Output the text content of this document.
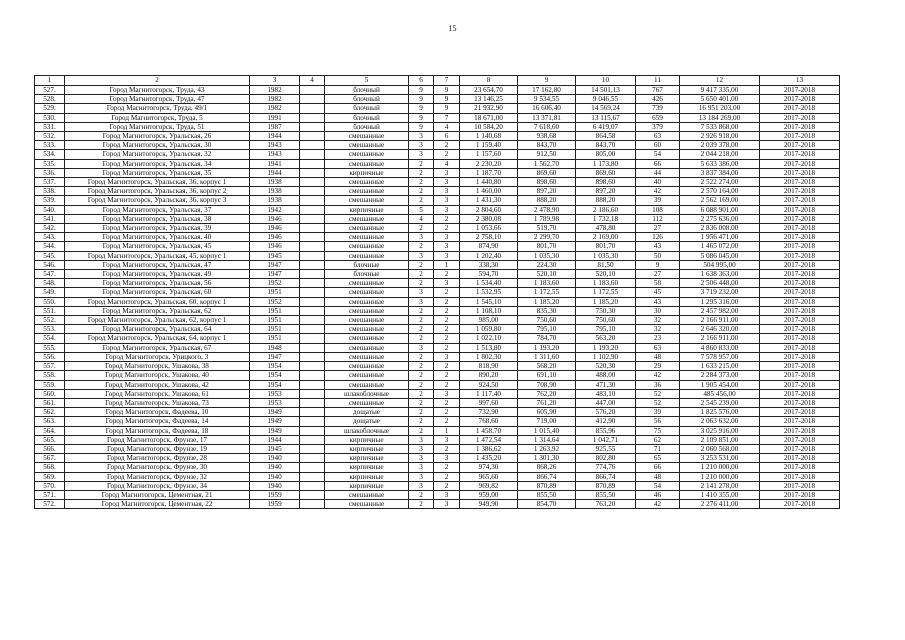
15
1	2	3	4	5	6	7	8	9	10	11	12	13
527.	Город Магнитогорск, Труда, 43	1982		блочный	9	9	23 654,70	17 162,80	14 501,13	767	9 417 335,00	2017-2018
528.	Город Магнитогорск, Труда, 47	1982		блочный	9	9	13 146,25	9 534,55	9 046,55	426	5 650 401,00	2017-2018
529.	Город Магнитогорск, Труда, 49/1	1982		блочный	9	9	21 932,90	16 606,40	14 569,24	739	16 951 203,00	2017-2018
530.	Город Магнитогорск, Труда, 5	1991		блочный	9	7	18 671,00	13 371,81	13 115,67	659	13 184 269,00	2017-2018
531.	Город Магнитогорск, Труда, 51	1987		блочный	9	4	10 584,20	7 618,60	6 419,07	379	7 533 868,00	2017-2018
532.	Город Магнитогорск, Уральская, 26	1944		смешанные	3	6	1 140,68	938,68	864,58	63	2 926 918,00	2017-2018
533.	Город Магнитогорск, Уральская, 30	1943		смешанные	3	2	1 159,40	843,70	843,70	60	2 039 378,00	2017-2018
534.	Город Магнитогорск, Уральская, 32	1943		смешанные	3	2	1 157,60	912,50	805,00	54	2 044 218,00	2017-2018
535.	Город Магнитогорск, Уральская, 34	1941		смешанные	2	4	2 230,20	1 562,70	1 173,80	66	5 633 386,00	2017-2018
536.	Город Магнитогорск, Уральская, 35	1944		кирпичные	2	3	1 187,70	869,60	869,60	44	3 837 384,00	2017-2018
537.	Город Магнитогорск, Уральская, 36, корпус 1	1938		смешанные	2	3	1 440,80	898,60	898,60	40	2 522 274,00	2017-2018
538.	Город Магнитогорск, Уральская, 36, корпус 2	1938		смешанные	2	3	1 460,00	897,20	897,20	42	2 570 164,00	2017-2018
539.	Город Магнитогорск, Уральская, 36, корпус 3	1938		смешанные	2	3	1 431,30	888,20	888,20	39	2 562 169,00	2017-2018
540.	Город Магнитогорск, Уральская, 37	1942		кирпичные	5	3	2 804,60	2 478,90	2 186,60	108	6 088 901,00	2017-2018
541.	Город Магнитогорск, Уральская, 38	1946		смешанные	4	2	2 380,08	1 789,98	1 732,18	112	2 275 636,00	2017-2018
542.	Город Магнитогорск, Уральская, 39	1946		смешанные	2	2	1 053,66	519,70	478,80	27	2 836 008,00	2017-2018
543.	Город Магнитогорск, Уральская, 40	1946		смешанные	3	3	2 758,10	2 299,70	2 169,00	126	1 956 471,00	2017-2018
544.	Город Магнитогорск, Уральская, 45	1946		смешанные	2	3	874,90	801,70	801,70	43	1 465 072,00	2017-2018
545.	Город Магнитогорск, Уральская, 45, корпус 1	1945		смешанные	3	3	1 202,40	1 035,30	1 035,30	50	5 086 045,00	2017-2018
546.	Город Магнитогорск, Уральская, 47	1947		блочные	2	1	338,30	224,30	81,50	9	504 995,00	2017-2018
547.	Город Магнитогорск, Уральская, 49	1947		блочные	2	2	594,70	520,10	520,10	27	1 638 363,00	2017-2018
548.	Город Магнитогорск, Уральская, 56	1952		смешанные	2	3	1 534,40	1 183,60	1 183,60	58	2 506 448,00	2017-2018
549.	Город Магнитогорск, Уральская, 60	1951		смешанные	3	2	1 532,95	1 172,55	1 172,55	45	3 719 232,00	2017-2018
550.	Город Магнитогорск, Уральская, 60, корпус 1	1952		смешанные	3	2	1 545,10	1 185,20	1 185,20	43	1 295 316,00	2017-2018
551.	Город Магнитогорск, Уральская, 62	1951		смешанные	2	2	1 108,10	835,30	750,30	30	2 457 982,00	2017-2018
552.	Город Магнитогорск, Уральская, 62, корпус 1	1951		смешанные	2	2	985,00	750,60	750,60	32	2 166 911,00	2017-2018
553.	Город Магнитогорск, Уральская, 64	1951		смешанные	2	2	1 059,80	795,10	795,10	32	2 646 320,00	2017-2018
554.	Город Магнитогорск, Уральская, 64, корпус 1	1951		смешанные	2	2	1 022,10	784,70	563,20	23	2 166 911,00	2017-2018
555.	Город Магнитогорск, Уральская, 67	1948		смешанные	3	2	1 513,80	1 193,20	1 193,20	63	4 860 833,00	2017-2018
556.	Город Магнитогорск, Урицкого, 3	1947		смешанные	2	3	1 802,30	1 311,60	1 102,90	48	7 578 957,00	2017-2018
557.	Город Магнитогорск, Ушакова, 38	1954		смешанные	2	2	818,90	568,20	520,30	29	1 633 215,00	2017-2018
558.	Город Магнитогорск, Ушакова, 40	1954		смешанные	2	2	890,20	691,10	488,00	42	2 284 373,00	2017-2018
559.	Город Магнитогорск, Ушакова, 42	1954		смешанные	2	2	924,50	708,90	471,30	36	1 905 454,00	2017-2018
560.	Город Магнитогорск, Ушакова, 61	1953		шлакоблочные	2	3	1 117,40	762,20	483,10	52	485 456,00	2017-2018
561.	Город Магнитогорск, Ушакова, 73	1953		смешанные	2	2	997,60	761,20	447,00	52	2 545 239,00	2017-2018
562.	Город Магнитогорск, Фадеева, 10	1949		дощатые	2	2	732,90	605,90	576,20	39	1 825 576,00	2017-2018
563.	Город Магнитогорск, Фадеева, 14	1949		дощатые	2	2	768,60	719,00	412,90	56	2 063 632,00	2017-2018
564.	Город Магнитогорск, Фадеева, 18	1949		шлакоблочные	2	1	1 458,70	1 015,40	855,96	75	3 025 916,00	2017-2018
565.	Город Магнитогорск, Фрунзе, 17	1944		кирпичные	3	3	1 472,54	1 314,64	1 042,71	62	2 109 851,00	2017-2018
566.	Город Магнитогорск, Фрунзе, 19	1945		кирпичные	3	2	1 386,62	1 263,92	925,55	71	2 060 568,00	2017-2018
567.	Город Магнитогорск, Фрунзе, 28	1940		кирпичные	3	3	1 435,20	1 301,30	802,80	65	3 253 531,00	2017-2018
568.	Город Магнитогорск, Фрунзе, 30	1940		кирпичные	3	2	974,30	868,26	774,76	66	1 210 000,00	2017-2018
569.	Город Магнитогорск, Фрунзе, 32	1940		кирпичные	3	2	965,60	866,74	866,74	48	1 210 000,00	2017-2018
570.	Город Магнитогорск, Фрунзе, 34	1940		кирпичные	3	2	969,82	870,89	870,89	54	2 141 278,00	2017-2018
571.	Город Магнитогорск, Цементная, 21	1959		смешанные	2	3	959,00	855,50	855,50	46	1 410 355,00	2017-2018
572.	Город Магнитогорск, Цементная, 22	1959		смешанные	2	3	949,90	854,70	763,20	42	2 276 411,00	2017-2018
